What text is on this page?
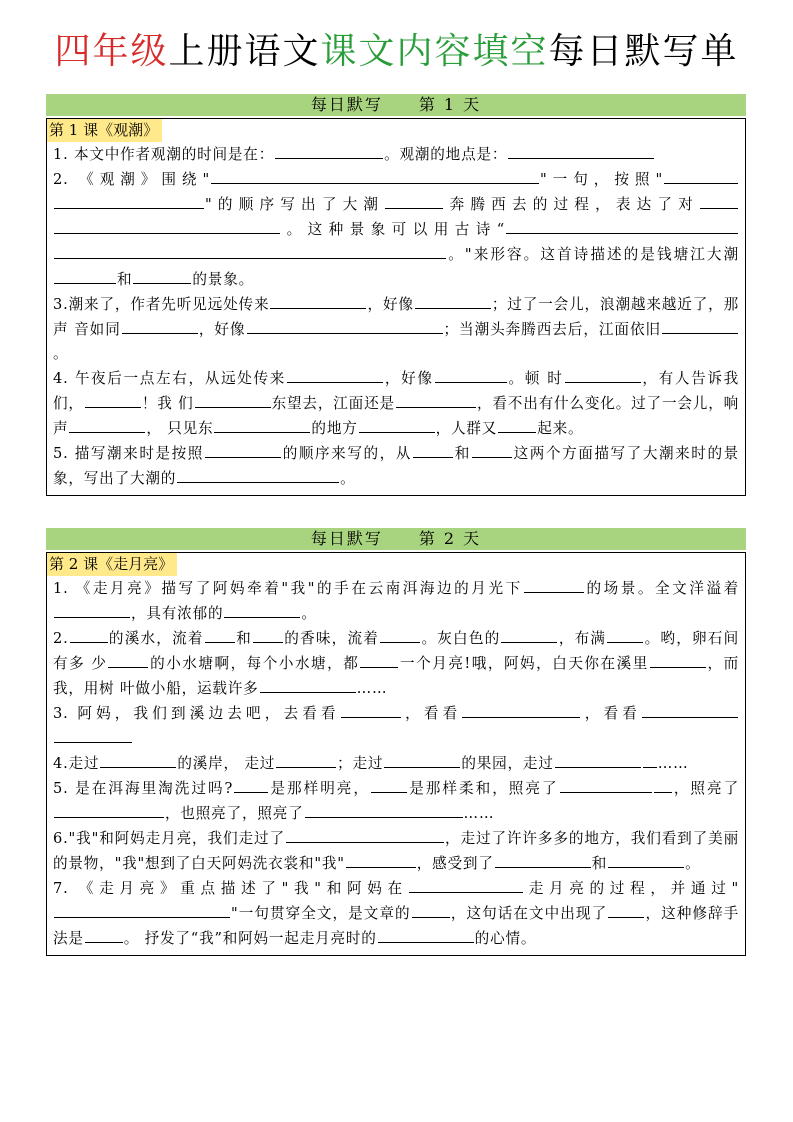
四年级上册语文课文内容填空每日默写单
每日默写 第 1 天
第 1 课《观潮》

1. 本文中作者观潮的时间是在：	。观潮的地点是：

2. 《观潮》围绕"	"一句，按照""的顺序写出了大潮	奔腾西去的过程，表达了对。这种景象可以用古诗“。"来形容。这首诗描述的是钱塘江大潮和	的景象。

3.潮来了，作者先听见远处传来	，好像	；过了一会儿，浪潮越来越近了，那声 音如同	，好像	；当潮头奔腾西去后，江面依旧。

4. 午夜后一点左右，从远处传来	，好像	。顿 时	，有人告诉我们，	！我 们	东望去，江面还是	，看不出有什么变化。过了一会儿，响声	， 只见东	的地方	，人群又	起来。

5. 描写潮来时是按照	的顺序来写的，从	和	这两个方面描写了大潮来时的景象，写出了大潮的	。

每日默写 第 2 天
第 2 课《走月亮》

1. 《走月亮》描写了阿妈牵着"我"的手在云南洱海边的月光下	的场景。全文洋溢着，具有浓郁的	。

2.	的溪水，流着 和 的香味，流着	。灰白色的	，布满	。哟，卵石间有多 少	的小水塘啊，每个小水塘，都	一个月亮!哦，阿妈，白天你在溪里	，而我，用树 叶做小船，运载许多	……

3. 阿妈，我们到溪边去吧，去看看	，看看	，看看

4.走过	的溪岸， 走过	；走过	的果园，走过	……

5. 是在洱海里淘洗过吗? 是那样明亮，	是那样柔和，照亮了	，照亮了，也照亮了，照亮了	……

6."我"和阿妈走月亮，我们走过了	，走过了许许多多的地方，我们看到了美丽 的景物，"我"想到了白天阿妈洗衣裳和"我"	，感受到了	和	。

7. 《走月亮》重点描述了"我"和阿妈在	走月亮的过程，并通过""一句贯穿全文，是文章的	，这句话在文中出现了	，这种修辞手法是	。 抒发了“我”和阿妈一起走月亮时的	的心情。
